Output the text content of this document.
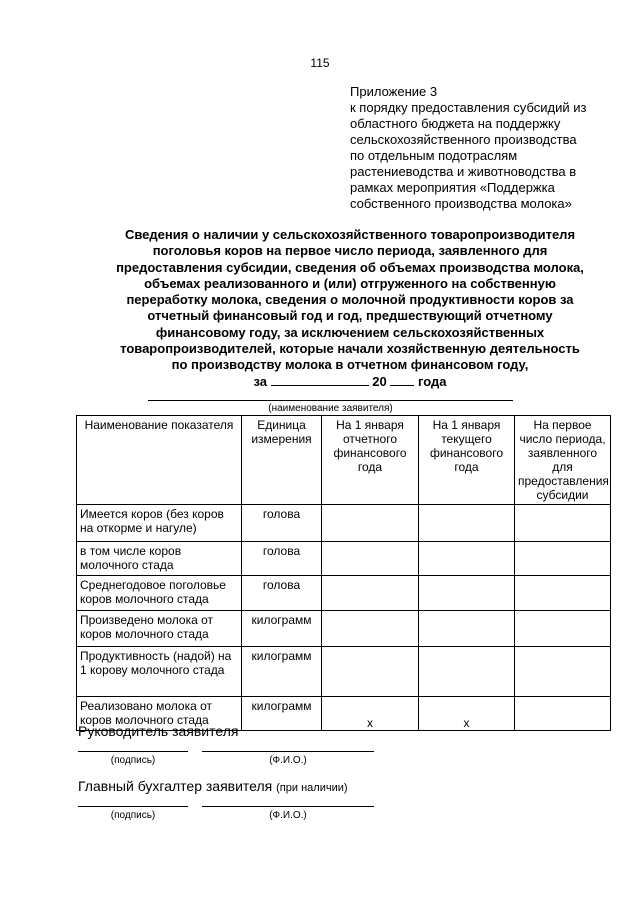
115
Приложение 3
к порядку предоставления субсидий из
областного бюджета на поддержку
сельскохозяйственного производства
по отдельным подотраслям
растениеводства и животноводства в
рамках мероприятия «Поддержка
собственного производства молока»
Сведения о наличии у сельскохозяйственного товаропроизводителя
поголовья коров на первое число периода, заявленного для
предоставления субсидии, сведения об объемах производства молока,
объемах реализованного и (или) отгруженного на собственную
переработку молока, сведения о молочной продуктивности коров за
отчетный финансовый год и год, предшествующий отчетному
финансовому году, за исключением сельскохозяйственных
товаропроизводителей, которые начали хозяйственную деятельность
по производству молока в отчетном финансовом году,
за	20 года
(наименование заявителя)
Наименование показателя	Единица измерения	На 1 января отчетного финансового года	На 1 января текущего финансового года	На первое число периода, заявленного для предоставления субсидии
Имеется коров (без коров на откорме и нагуле)	голова			
в том числе коров молочного стада	голова			
Среднегодовое поголовье коров молочного стада	голова			
Произведено молока от коров молочного стада	килограмм			
Продуктивность (надой) на 1 корову молочного стада	килограмм			
Реализовано молока от коров молочного стада	килограмм	x	x	
Руководитель заявителя
(подпись)	(Ф.И.О.)
Главный бухгалтер заявителя (при наличии)
(подпись)	(Ф.И.О.)
